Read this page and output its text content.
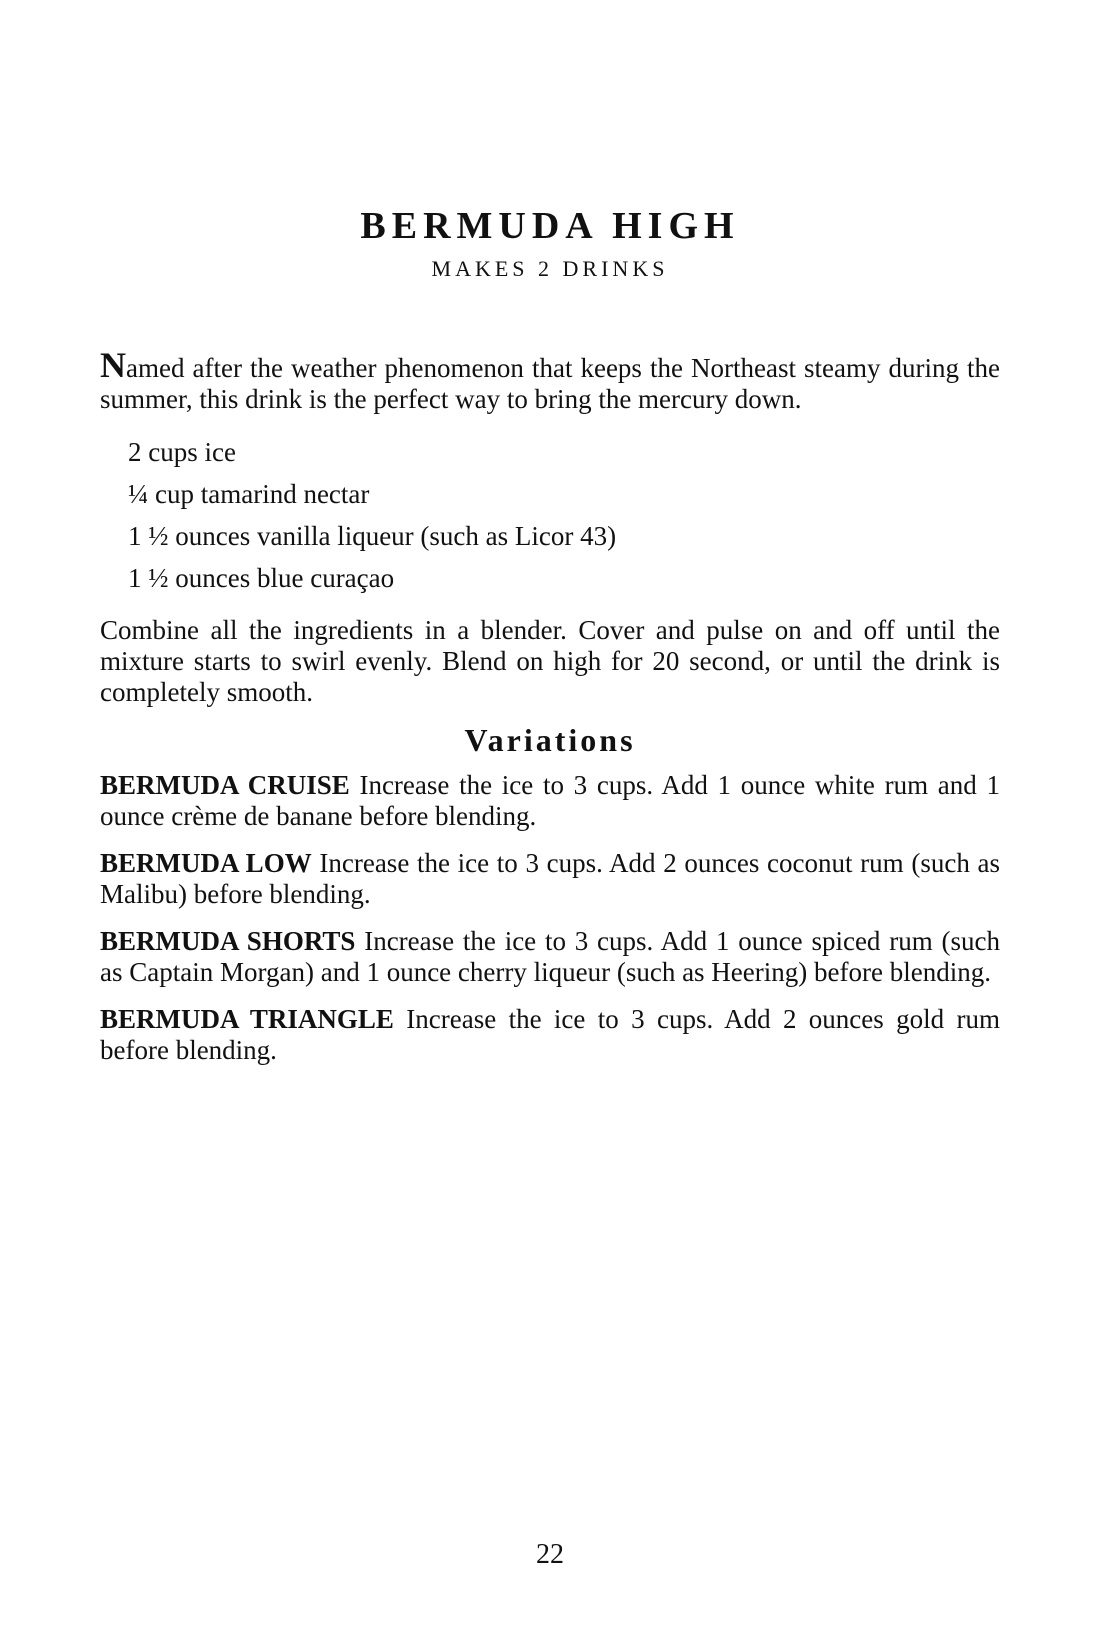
BERMUDA HIGH
MAKES 2 DRINKS

Named after the weather phenomenon that keeps the Northeast steamy during the summer, this drink is the perfect way to bring the mercury down.

2 cups ice
¼ cup tamarind nectar
1 ½ ounces vanilla liqueur (such as Licor 43)
1 ½ ounces blue curaçao

Combine all the ingredients in a blender. Cover and pulse on and off until the mixture starts to swirl evenly. Blend on high for 20 second, or until the drink is completely smooth.

Variations

BERMUDA CRUISE Increase the ice to 3 cups. Add 1 ounce white rum and 1 ounce crème de banane before blending.

BERMUDA LOW Increase the ice to 3 cups. Add 2 ounces coconut rum (such as Malibu) before blending.

BERMUDA SHORTS Increase the ice to 3 cups. Add 1 ounce spiced rum (such as Captain Morgan) and 1 ounce cherry liqueur (such as Heering) before blending.

BERMUDA TRIANGLE Increase the ice to 3 cups. Add 2 ounces gold rum before blending.

22
